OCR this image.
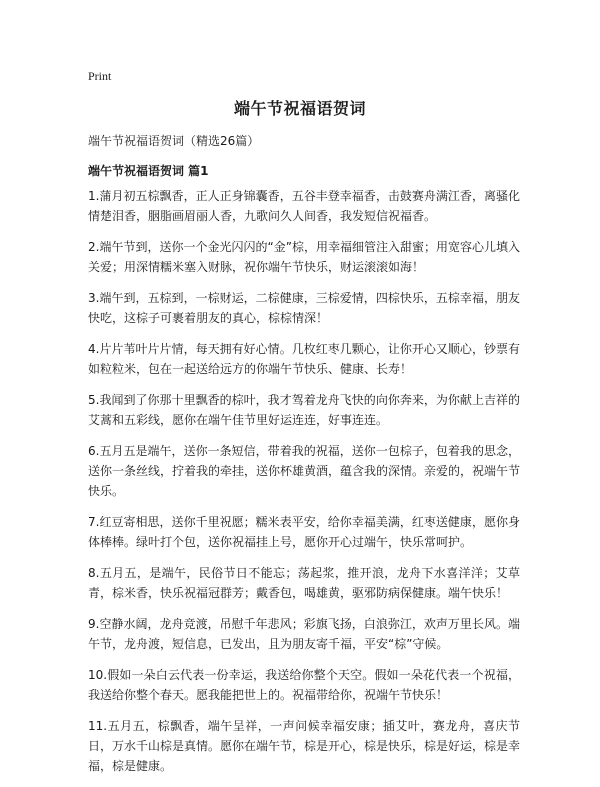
Print
端午节祝福语贺词
端午节祝福语贺词（精选26篇）
端午节祝福语贺词 篇1

1.蒲月初五棕飘香，正人正身锦囊香，五谷丰登幸福香，击鼓赛舟满江香，离骚化情楚泪香，胭脂画眉丽人香，九歌问久人间香，我发短信祝福香。

2.端午节到，送你一个金光闪闪的“金”棕，用幸福细管注入甜蜜；用宽容心儿填入关爱；用深情糯米塞入财脉，祝你端午节快乐，财运滚滚如海！

3.端午到，五棕到，一棕财运，二棕健康，三棕爱情，四棕快乐，五棕幸福，朋友快吃，这棕子可裹着朋友的真心，棕棕情深！

4.片片苇叶片片情，每天拥有好心情。几枚红枣几颗心，让你开心又顺心，钞票有如粒粒米，包在一起送给远方的你端午节快乐、健康、长寿！

5.我闻到了你那十里飘香的棕叶，我才驾着龙舟飞快的向你奔来，为你献上吉祥的艾蒿和五彩线，愿你在端午佳节里好运连连，好事连连。

6.五月五是端午，送你一条短信，带着我的祝福，送你一包棕子，包着我的思念，送你一条丝线，拧着我的牵挂，送你杯雄黄酒，蕴含我的深情。亲爱的，祝端午节快乐。

7.红豆寄相思，送你千里祝愿；糯米表平安，给你幸福美满，红枣送健康，愿你身体棒棒。绿叶打个包，送你祝福挂上号，愿你开心过端午，快乐常呵护。

8.五月五，是端午，民俗节日不能忘；荡起浆，推开浪，龙舟下水喜洋洋；艾草青，棕米香，快乐祝福冠群芳；戴香包，喝雄黄，驱邪防病保健康。端午快乐！

9.空静水阔，龙舟竞渡，吊慰千年悲风；彩旗飞扬，白浪弥江，欢声万里长风。端午节，龙舟渡，短信息，已发出，且为朋友寄千福，平安“棕”守候。

10.假如一朵白云代表一份幸运，我送给你整个天空。假如一朵花代表一个祝福，我送给你整个春天。愿我能把世上的。祝福带给你，祝端午节快乐！

11.五月五，棕飘香，端午呈祥，一声问候幸福安康；插艾叶，赛龙舟，喜庆节日，万水千山棕是真情。愿你在端午节，棕是开心，棕是快乐，棕是好运，棕是幸福，棕是健康。
